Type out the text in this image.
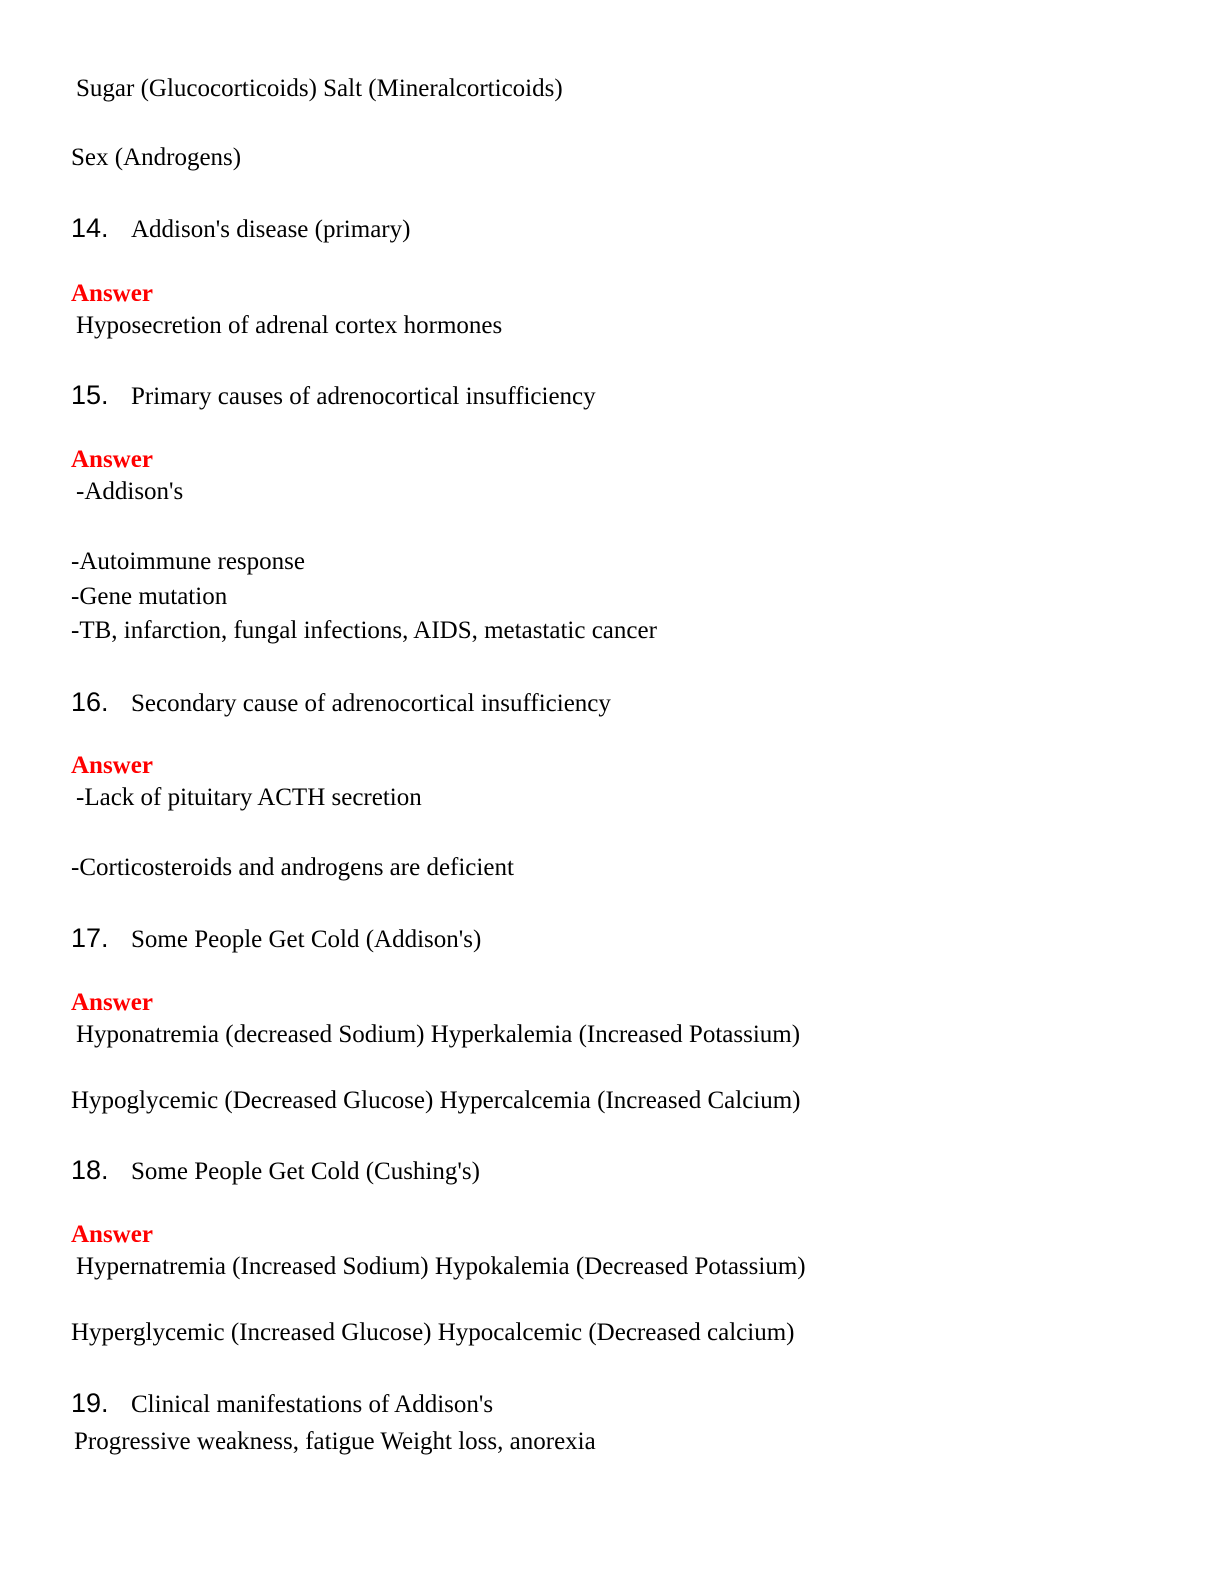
Sugar (Glucocorticoids) Salt (Mineralcorticoids)
Sex (Androgens)
14. Addison's disease (primary)
Answer
Hyposecretion of adrenal cortex hormones
15. Primary causes of adrenocortical insufficiency
Answer
-Addison's
-Autoimmune response
-Gene mutation
-TB, infarction, fungal infections, AIDS, metastatic cancer
16. Secondary cause of adrenocortical insufficiency
Answer
-Lack of pituitary ACTH secretion
-Corticosteroids and androgens are deficient
17. Some People Get Cold (Addison's)
Answer
Hyponatremia (decreased Sodium) Hyperkalemia (Increased Potassium)
Hypoglycemic (Decreased Glucose) Hypercalcemia (Increased Calcium)
18. Some People Get Cold (Cushing's)
Answer
Hypernatremia (Increased Sodium) Hypokalemia (Decreased Potassium)
Hyperglycemic (Increased Glucose) Hypocalcemic (Decreased calcium)
19. Clinical manifestations of Addison's
Progressive weakness, fatigue Weight loss, anorexia
